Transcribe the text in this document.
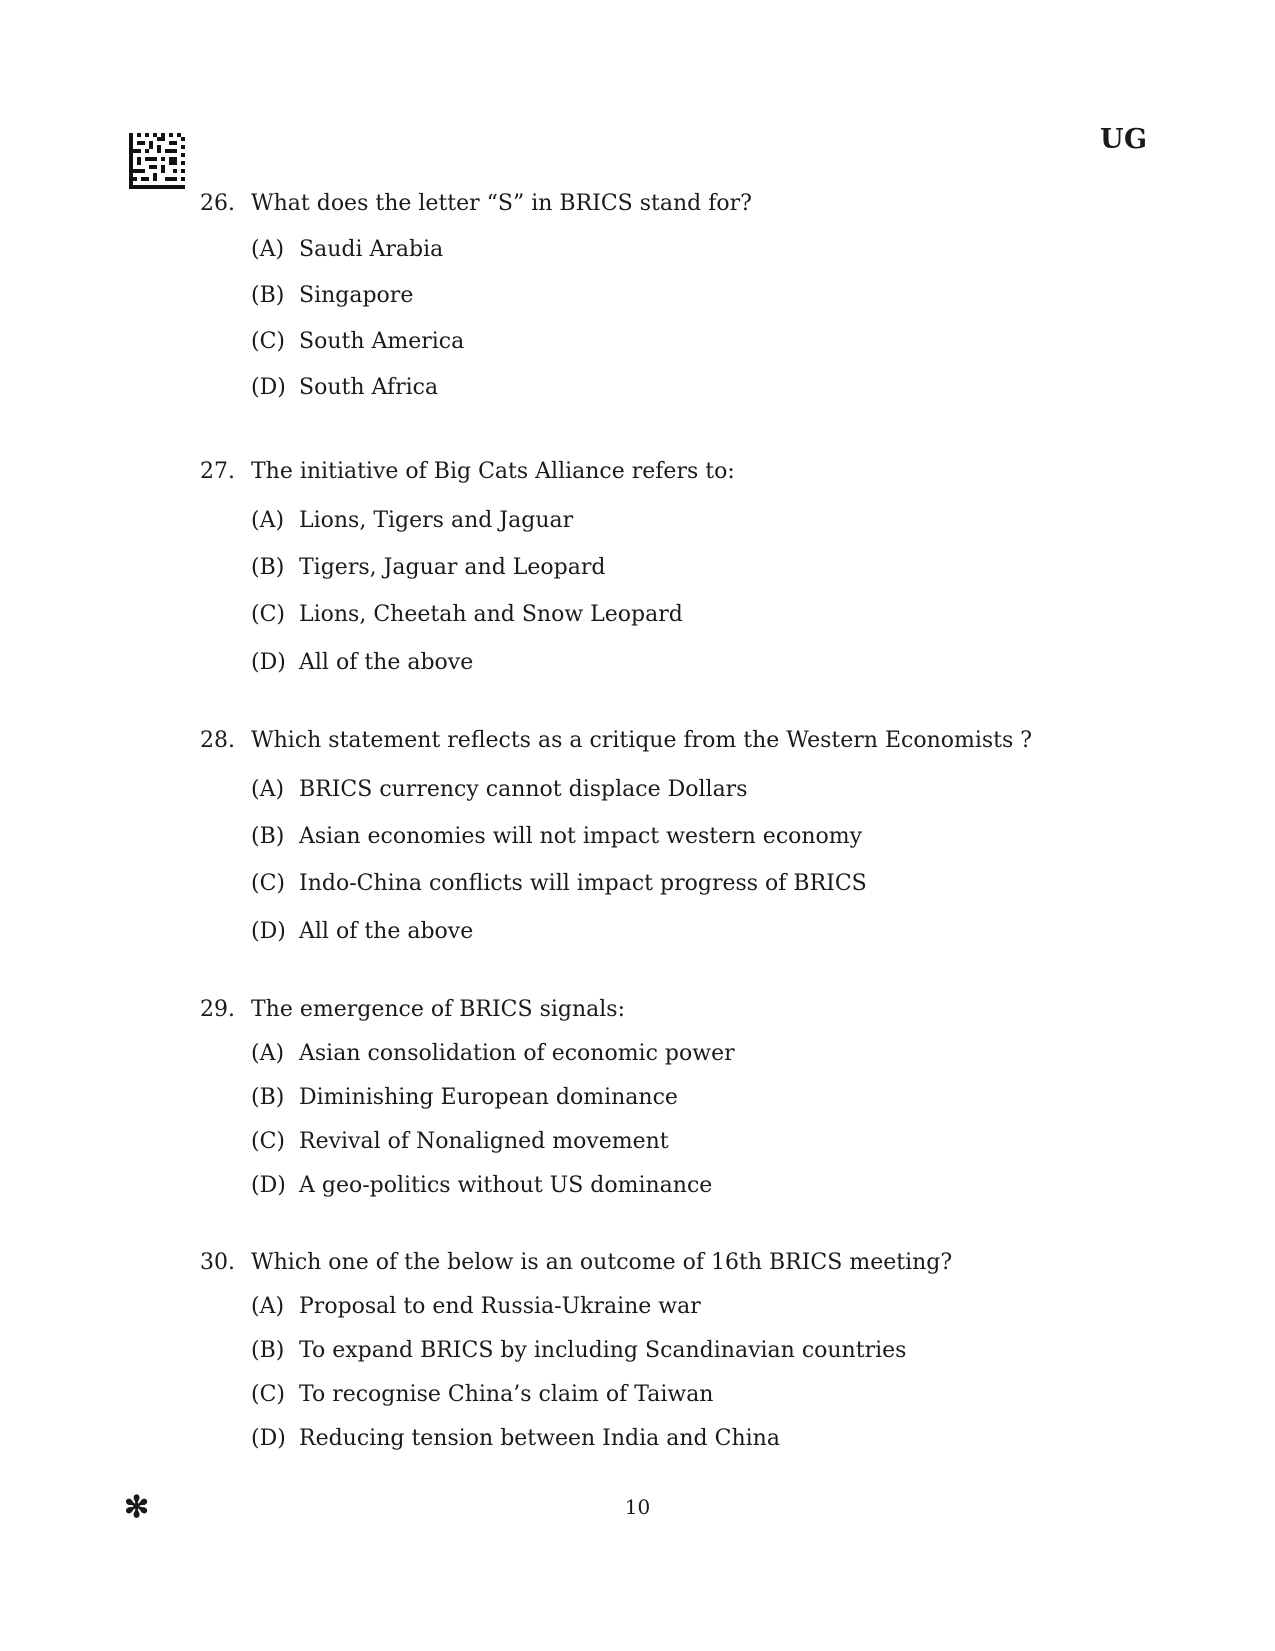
UG
26. What does the letter “S” in BRICS stand for?
(A) Saudi Arabia
(B) Singapore
(C) South America
(D) South Africa
27. The initiative of Big Cats Alliance refers to:
(A) Lions, Tigers and Jaguar
(B) Tigers, Jaguar and Leopard
(C) Lions, Cheetah and Snow Leopard
(D) All of the above
28. Which statement reflects as a critique from the Western Economists ?
(A) BRICS currency cannot displace Dollars
(B) Asian economies will not impact western economy
(C) Indo-China conflicts will impact progress of BRICS
(D) All of the above
29. The emergence of BRICS signals:
(A) Asian consolidation of economic power
(B) Diminishing European dominance
(C) Revival of Nonaligned movement
(D) A geo-politics without US dominance
30. Which one of the below is an outcome of 16th BRICS meeting?
(A) Proposal to end Russia-Ukraine war
(B) To expand BRICS by including Scandinavian countries
(C) To recognise China’s claim of Taiwan
(D) Reducing tension between India and China
✻	10
